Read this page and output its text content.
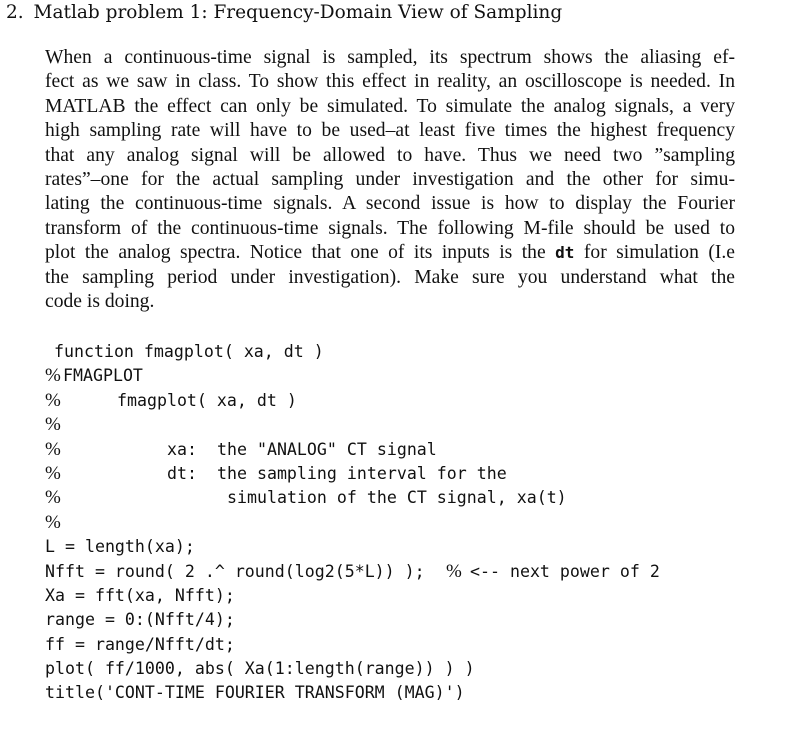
2. Matlab problem 1: Frequency-Domain View of Sampling
When a continuous-time signal is sampled, its spectrum shows the aliasing ef-
fect as we saw in class. To show this effect in reality, an oscilloscope is needed. In
MATLAB the effect can only be simulated. To simulate the analog signals, a very
high sampling rate will have to be used–at least five times the highest frequency
that any analog signal will be allowed to have. Thus we need two ”sampling
rates”–one for the actual sampling under investigation and the other for simu-
lating the continuous-time signals. A second issue is how to display the Fourier
transform of the continuous-time signals. The following M-file should be used to
plot the analog spectra. Notice that one of its inputs is the dt for simulation (I.e
the sampling period under investigation). Make sure you understand what the
code is doing.

function fmagplot( xa, dt )

%

FMAGPLOT

%

	fmagplot( xa, dt )

%

%

	xa:

the "ANALOG" CT signal

%

	dt:

the sampling interval for the

%

	simulation of the CT signal, xa(t)

%

L = length(xa);

Nfft = round( 2 .^ round(log2(5*L)) );

%

<-- next power of 2

Xa = fft(xa, Nfft);

range = 0:(Nfft/4);

ff = range/Nfft/dt;

plot( ff/1000, abs( Xa(1:length(range)) ) )

title('CONT-TIME FOURIER TRANSFORM (MAG)')
